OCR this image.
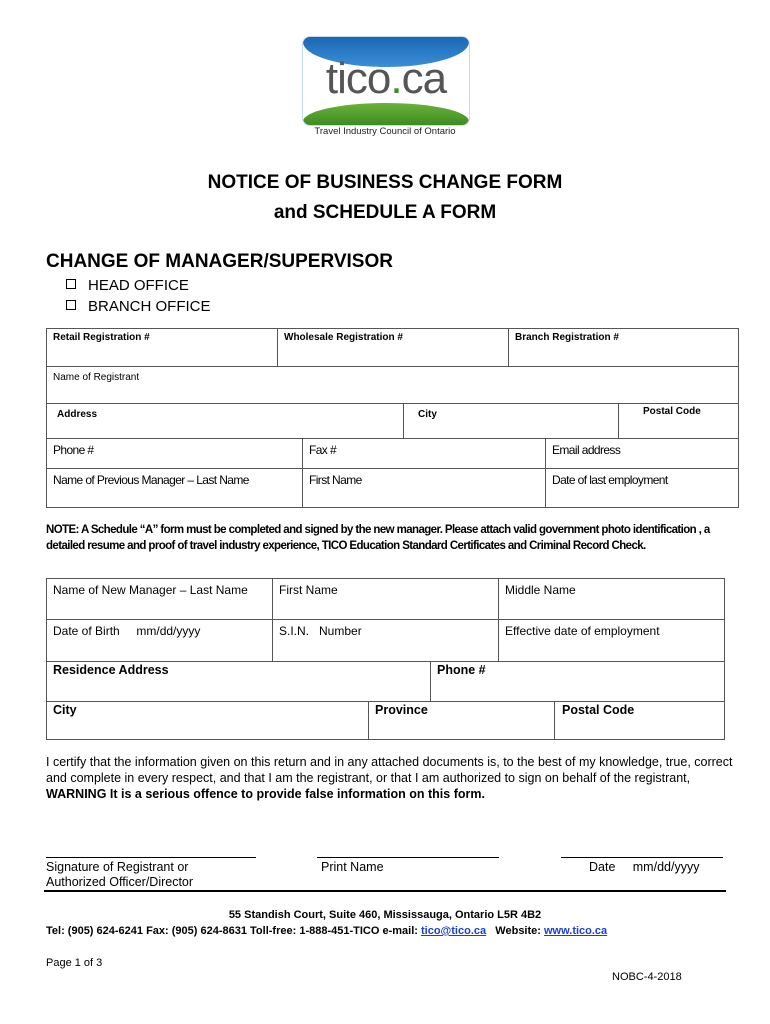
tico.ca
Travel Industry Council of Ontario
NOTICE OF BUSINESS CHANGE FORM
and SCHEDULE A FORM
CHANGE OF MANAGER/SUPERVISOR
HEAD OFFICE
BRANCH OFFICE
Retail Registration #	Wholesale Registration #	Branch Registration #
Name of Registrant
Address	City	Postal Code
Phone #	Fax #	Email address
Name of Previous Manager – Last Name	First Name	Date of last employment
NOTE: A Schedule “A” form must be completed and signed by the new manager. Please attach valid government photo identification , a detailed resume and proof of travel industry experience, TICO Education Standard Certificates and Criminal Record Check.
Name of New Manager – Last Name	First Name	Middle Name
Date of Birth     mm/dd/yyyy	S.I.N.   Number	Effective date of employment
Residence Address	Phone #
City	Province	Postal Code
I certify that the information given on this return and in any attached documents is, to the best of my knowledge, true, correct and complete in every respect, and that I am the registrant, or that I am authorized to sign on behalf of the registrant,  WARNING It is a serious offence to provide false information on this form.
Signature of Registrant or
Authorized Officer/Director
Print Name	Date     mm/dd/yyyy
55 Standish Court, Suite 460, Mississauga, Ontario L5R 4B2
Tel: (905) 624-6241 Fax: (905) 624-8631 Toll-free: 1-888-451-TICO e-mail: tico@tico.ca Website: www.tico.ca
Page 1 of 3
NOBC-4-2018
